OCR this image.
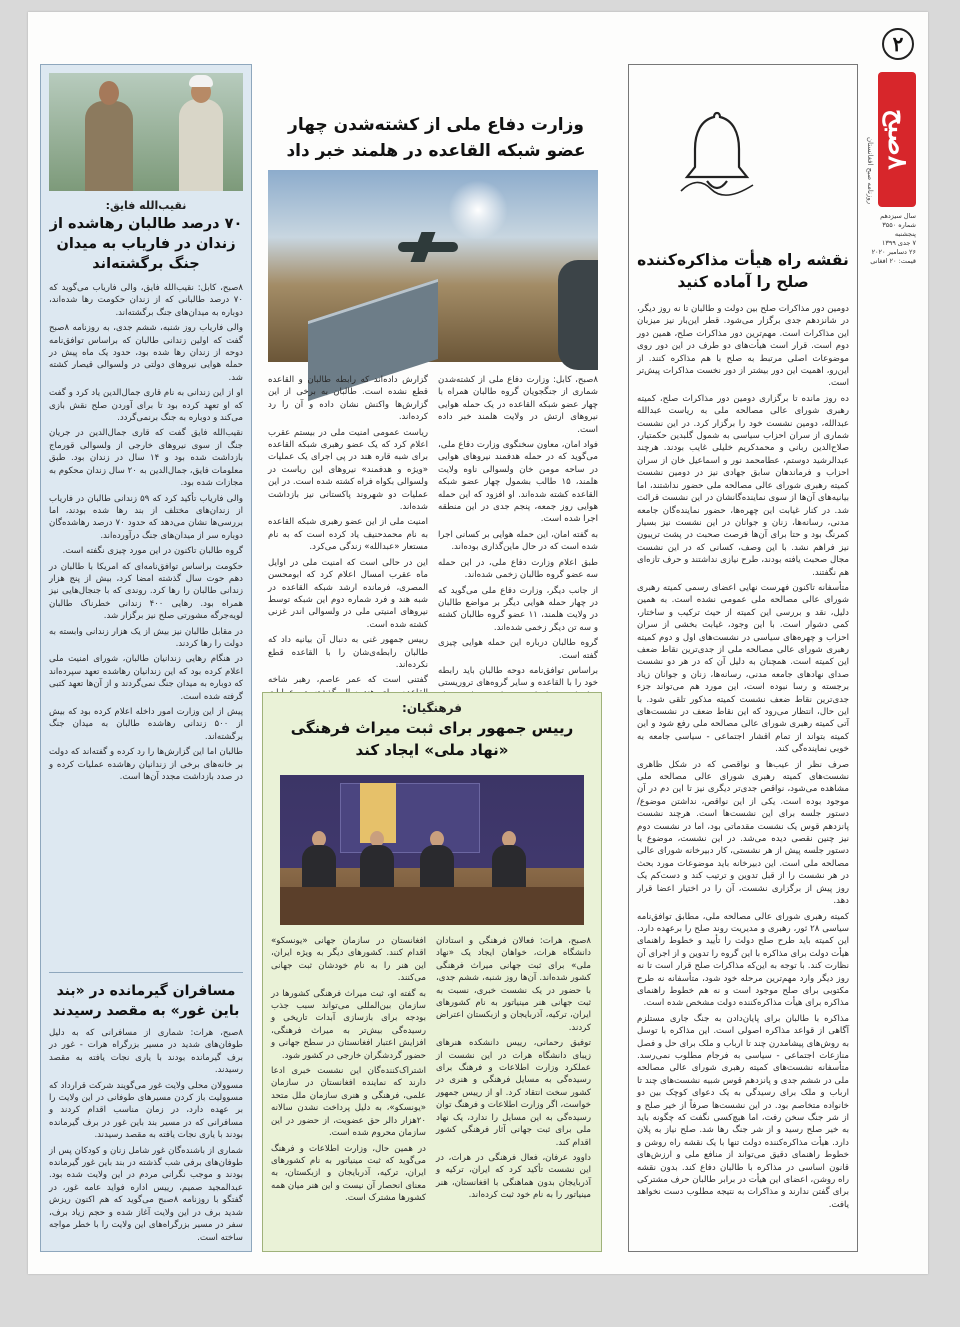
۲
۸صبح
روزنامه صبح افغانستان
سال سیزدهم
شماره ۳۵۵۰
پنجشنبه
۷ جدی ۱۳۹۹
۲۶ دسامبر ۲۰۲۰
قیمت: ۲۰ افغانی
نقشه راه هیأت مذاکره‌کننده صلح را آماده کنید

دومین دور مذاکرات صلح بین دولت و طالبان تا نه روز دیگر، در شانزدهم جدی برگزار می‌شود. قطر این‌بار نیز میزبان این مذاکرات است. مهم‌ترین دور مذاکرات صلح، همین دور دوم است. قرار است هیأت‌های دو طرف در این دور روی موضوعات اصلی مرتبط به صلح با هم مذاکره کنند. از این‌رو، اهمیت این دور بیشتر از دور نخست مذاکرات پیش‌تر است.

ده روز مانده تا برگزاری دومین دور مذاکرات صلح، کمیته رهبری شورای عالی مصالحه ملی به ریاست عبدالله عبدالله، دومین نشست خود را برگزار کرد. در این نشست شماری از سران احزاب سیاسی به شمول گلبدین حکمتیار، صلاح‌الدین ربانی و محمدکریم خلیلی غایب بودند. هرچند عبدالرشید دوستم، عطامحمد نور و اسماعیل خان از سران احزاب و فرماندهان سابق جهادی نیز در دومین نشست کمیته رهبری شورای عالی مصالحه ملی حضور نداشتند، اما بیانیه‌های آن‌ها از سوی نماینده‌گانشان در این نشست قرائت شد. در کنار غیابت این چهره‌ها، حضور نماینده‌گان جامعه مدنی، رسانه‌ها، زنان و جوانان در این نشست نیز بسیار کمرنگ بود و حتا برای آن‌ها فرصت صحبت در پشت تریبون نیز فراهم نشد. با این وصف، کسانی که در این نشست مجال صحبت یافته بودند، طرح نیازی نداشتند و حرف تازه‌ای هم نگفتند.

متأسفانه تاکنون فهرست نهایی اعضای رسمی کمیته رهبری شورای عالی مصالحه ملی عمومی نشده است. به همین دلیل، نقد و بررسی این کمیته از حیث ترکیب و ساختار، کمی دشوار است. با این وجود، غیابت بخشی از سران احزاب و چهره‌های سیاسی در نشست‌های اول و دوم کمیته رهبری شورای عالی مصالحه ملی از جدی‌ترین نقاط ضعف این کمیته است. همچنان به دلیل آن که در هر دو نشست صدای نهادهای جامعه مدنی، رسانه‌ها، زنان و جوانان زیاد برجسته و رسا نبوده است، این مورد هم می‌تواند جزء جدی‌ترین نقاط ضعف نشست کمیته مذکور تلقی شود. با این حال، انتظار می‌رود که این نقاط ضعف در نشست‌های آتی کمیته رهبری شورای عالی مصالحه ملی رفع شود و این کمیته بتواند از تمام اقشار اجتماعی - سیاسی جامعه به خوبی نماینده‌گی کند.

صرف نظر از عیب‌ها و نواقصی که در شکل ظاهری نشست‌های کمیته رهبری شورای عالی مصالحه ملی مشاهده می‌شود، نواقص جدی‌تر دیگری نیز تا این دم در آن موجود بوده است. یکی از این نواقص، نداشتن موضوع/دستور جلسه برای این نشست‌ها است. هرچند نشست پانزدهم قوس یک نشست مقدماتی بود، اما در نشست دوم نیز چنین نقصی دیده می‌شد. در این نشست، موضوع یا دستور جلسه پیش از هر نشستی، کار دبیرخانه شورای عالی مصالحه ملی است. این دبیرخانه باید موضوعات مورد بحث در هر نشست را از قبل تدوین و ترتیب کند و دست‌کم یک روز پیش از برگزاری نشست، آن را در اختیار اعضا قرار دهد.

کمیته رهبری شورای عالی مصالحه ملی، مطابق توافق‌نامه سیاسی ۲۸ ثور، رهبری و مدیریت روند صلح را برعهده دارد. این کمیته باید طرح صلح دولت را تأیید و خطوط راهنمای هیأت دولت برای مذاکره با این گروه را تدوین و از اجرای آن نظارت کند. با توجه به این‌که مذاکرات صلح قرار است تا نه روز دیگر وارد مهم‌ترین مرحله خود شود، متأسفانه نه طرح مکتوبی برای صلح موجود است و نه هم خطوط راهنمای مذاکره برای هیأت مذاکره‌کننده دولت مشخص شده است.

مذاکره با طالبان برای پایان‌دادن به جنگ جاری مستلزم آگاهی از قواعد مذاکره اصولی است. این مذاکره با توسل به روش‌های پیشامدرن چند تا ارباب و ملک برای حل و فصل منازعات اجتماعی - سیاسی به فرجام مطلوب نمی‌رسد. متأسفانه نشست‌های کمیته رهبری شورای عالی مصالحه ملی در ششم جدی و پانزدهم قوس شبیه نشست‌های چند تا ارباب و ملک برای رسیدگی به یک دعوای کوچک بین دو خانواده متخاصم بود. در این نشست‌ها صرفاً از خیر صلح و از شر جنگ سخن رفت، اما هیچ‌کسی نگفت که چگونه باید به خیر صلح رسید و از شر جنگ رها شد. صلح نیاز به پلان دارد. هیأت مذاکره‌کننده دولت تنها با یک نقشه راه روشن و خطوط راهنمای دقیق می‌تواند از منافع ملی و ارزش‌های قانون اساسی در مذاکره با طالبان دفاع کند. بدون نقشه راه روشن، اعضای این هیأت در برابر طالبان حرف مشترکی برای گفتن ندارند و مذاکرات به نتیجه مطلوب دست نخواهد یافت.

وزارت دفاع ملی از کشته‌شدن چهار عضو شبکه القاعده در هلمند خبر داد

۸صبح، کابل: وزارت دفاع ملی از کشته‌شدن شماری از جنگجویان گروه طالبان همراه با چهار عضو شبکه القاعده در یک حمله هوایی نیروهای ارتش در ولایت هلمند خبر داده است.

فواد امان، معاون سخنگوی وزارت دفاع ملی، می‌گوید که در حمله هدفمند نیروهای هوایی در ساحه مومن خان ولسوالی ناوه ولایت هلمند، ۱۵ طالب بشمول چهار عضو شبکه القاعده کشته شده‌اند. او افزود که این حمله هوایی روز جمعه، پنجم جدی در این منطقه اجرا شده است.

به گفته امان، این حمله هوایی بر کسانی اجرا شده است که در حال ماین‌گذاری بوده‌اند.

طبق اعلام وزارت دفاع ملی، در این حمله سه عضو گروه طالبان زخمی شده‌اند.

از جانب دیگر، وزارت دفاع ملی می‌گوید که در چهار حمله هوایی دیگر بر مواضع طالبان در ولایت هلمند، ۱۱ عضو گروه طالبان کشته و سه تن دیگر زخمی شده‌اند.

گروه طالبان درباره این حمله هوایی چیزی گفته است.

براساس توافق‌نامه دوحه طالبان باید رابطه خود را با القاعده و سایر گروه‌های تروریستی

گزارش داده‌اند که رابطه طالبان و القاعده قطع نشده است. طالبان به برخی از این گزارش‌ها واکنش نشان داده و آن را رد کرده‌اند.

ریاست عمومی امنیت ملی در بیستم عقرب اعلام کرد که یک عضو رهبری شبکه القاعده برای شبه قاره هند در پی اجرای یک عملیات «ویژه و هدفمند» نیروهای این ریاست در ولسوالی بکواه فراه کشته شده است. در این عملیات دو شهروند پاکستانی نیز بازداشت شده‌اند.

امنیت ملی از این عضو رهبری شبکه القاعده به نام محمدحنیف یاد کرده است که به نام مستعار «عبدالله» زندگی می‌کرد.

این در حالی است که امنیت ملی در اوایل ماه عقرب امسال اعلام کرد که ابومحسن المصری، فرمانده ارشد شبکه القاعده در شبه هند و فرد شماره دوم این شبکه توسط نیروهای امنیتی ملی در ولسوالی اندر غزنی کشته شده است.

رییس جمهور غنی به دنبال آن بیانیه داد که طالبان رابطه‌ی‌شان را با القاعده قطع نکرده‌اند.

گفتنی است که عمر عاصم، رهبر شاخه

فرهنگیان:
رییس جمهور برای ثبت میراث فرهنگی «نهاد ملی» ایجاد کند

۸صبح، هرات: فعالان فرهنگی و استادان دانشگاه هرات، خواهان ایجاد یک «نهاد ملی» برای ثبت جهانی میراث فرهنگی کشور شده‌اند. آن‌ها روز شنبه، ششم جدی، با حضور در یک نشست خبری، نسبت به ثبت جهانی هنر مینیاتور به نام کشورهای ایران، ترکیه، آذربایجان و ازبکستان اعتراض کردند.

توفیق رحمانی، رییس دانشکده هنرهای زیبای دانشگاه هرات در این نشست از عملکرد وزارت اطلاعات و فرهنگ برای رسیده‌گی به مسایل فرهنگی و هنری در کشور سخت انتقاد کرد. او از رییس جمهور خواست، اگر وزارت اطلاعات و فرهنگ توان رسیده‌گی به این مسایل را ندارد، یک نهاد ملی برای ثبت جهانی آثار فرهنگی کشور اقدام کند.

داوود عرفان، فعال فرهنگی در هرات، در این نشست تأکید کرد که ایران، ترکیه و آذربایجان بدون هماهنگی با افغانستان، هنر مینیاتور را به نام خود ثبت کرده‌اند.

افغانستان در سازمان جهانی «یونسکو» اقدام کنند. کشورهای دیگر به ویژه ایران، این هنر را به نام خودشان ثبت جهانی می‌کنند.

به گفته او، ثبت میراث فرهنگی کشورها در سازمان بین‌المللی می‌تواند سبب جذب بودجه برای بازسازی آبدات تاریخی و رسیده‌گی بیش‌تر به میراث فرهنگی، افزایش اعتبار افغانستان در سطح جهانی و حضور گردشگران خارجی در کشور شود.

اشتراک‌کننده‌گان این نشست خبری ادعا دارند که نماینده افغانستان در سازمان علمی، فرهنگی و هنری سازمان ملل متحد «یونسکو»، به دلیل پرداخت نشدن سالانه ۲۰هزار دالر حق عضویت، از حضور در این سازمان محروم شده است.

در همین حال، وزارت اطلاعات و فرهنگ می‌گوید که ثبت مینیاتور به نام کشورهای ایران، ترکیه، آذربایجان و ازبکستان، به معنای انحصار آن نیست و این هنر میان همه کشورها مشترک است.

نقیب‌الله فایق:
۷۰ درصد طالبان رهاشده از زندان در فاریاب به میدان جنگ برگشته‌اند

۸صبح، کابل: نقیب‌الله فایق، والی فاریاب می‌گوید که ۷۰ درصد طالبانی که از زندان حکومت رها شده‌اند، دوباره به میدان‌های جنگ برگشته‌اند.

والی فاریاب روز شنبه، ششم جدی، به روزنامه ۸صبح گفت که اولین زندانی طالبان که براساس توافق‌نامه دوحه از زندان رها شده بود، حدود یک ماه پیش در حمله هوایی نیروهای دولتی در ولسوالی قیصار کشته شد.

او از این زندانی به نام قاری جمال‌الدین یاد کرد و گفت که او تعهد کرده بود تا برای آوردن صلح نقش بازی می‌کند و دوباره به جنگ برنمی‌گردد.

نقیب‌الله فایق گفت که قاری جمال‌الدین در جریان جنگ از سوی نیروهای خارجی از ولسوالی قورماج بازداشت شده بود و ۱۴ سال در زندان بود. طبق معلومات فایق، جمال‌الدین به ۲۰ سال زندان محکوم به مجازات شده بود.

والی فاریاب تأکید کرد که ۵۹ زندانی طالبان در فاریاب از زندان‌های مختلف از بند رها شده بودند، اما بررسی‌ها نشان می‌دهد که حدود ۷۰ درصد رهاشده‌گان دوباره سر از میدان‌های جنگ درآورده‌اند.

گروه طالبان تاکنون در این مورد چیزی نگفته است.

حکومت براساس توافق‌نامه‌ای که امریکا با طالبان در دهم حوت سال گذشته امضا کرد، بیش از پنج هزار زندانی طالبان را رها کرد. روندی که با جنجال‌هایی نیز همراه بود. رهایی ۴۰۰ زندانی خطرناک طالبان لویه‌جرگه مشورتی صلح نیز برگزار شد.

در مقابل طالبان نیز بیش از یک هزار زندانی وابسته به دولت را رها کردند.

در هنگام رهایی زندانیان طالبان، شورای امنیت ملی اعلام کرده بود که این زندانیان رهاشده تعهد سپرده‌اند که دوباره به میدان جنگ نمی‌گردند و از آن‌ها تعهد کتبی گرفته شده است.

پیش از این وزارت امور داخله اعلام کرده بود که بیش از ۵۰۰ زندانی رهاشده طالبان به میدان جنگ برگشته‌اند.

طالبان اما این گزارش‌ها را رد کرده و گفته‌اند که دولت بر خانه‌های برخی از زندانیان رهاشده عملیات کرده و در صدد بازداشت مجدد آن‌ها است.

مسافران گیرمانده در «بند باین غور» به مقصد رسیدند

۸صبح، هرات: شماری از مسافرانی که به دلیل طوفان‌های شدید در مسیر بزرگراه هرات - غور در برف گیرمانده بودند با یاری نجات یافته به مقصد رسیدند.

مسوولان محلی ولایت غور می‌گویند شرکت قرارداد که مسوولیت باز کردن مسیرهای طوفانی در این ولایت را بر عهده دارد، در زمان مناسب اقدام کردند و مسافرانی که در مسیر بند باین غور در برف گیرمانده بودند با یاری نجات یافته به مقصد رسیدند.

شماری از باشنده‌گان غور شامل زنان و کودکان پس از طوفان‌های برفی شب گذشته در بند باین غور گیرمانده بودند و موجب نگرانی مردم در این ولایت شده بود. عبدالمجید صمیم، رییس اداره فواید عامه غور، در گفتگو با روزنامه ۸صبح می‌گوید که هم اکنون ریزش شدید برف در این ولایت آغاز شده و حجم زیاد برف، سفر در مسیر بزرگراه‌های این ولایت را با خطر مواجه ساخته است.
